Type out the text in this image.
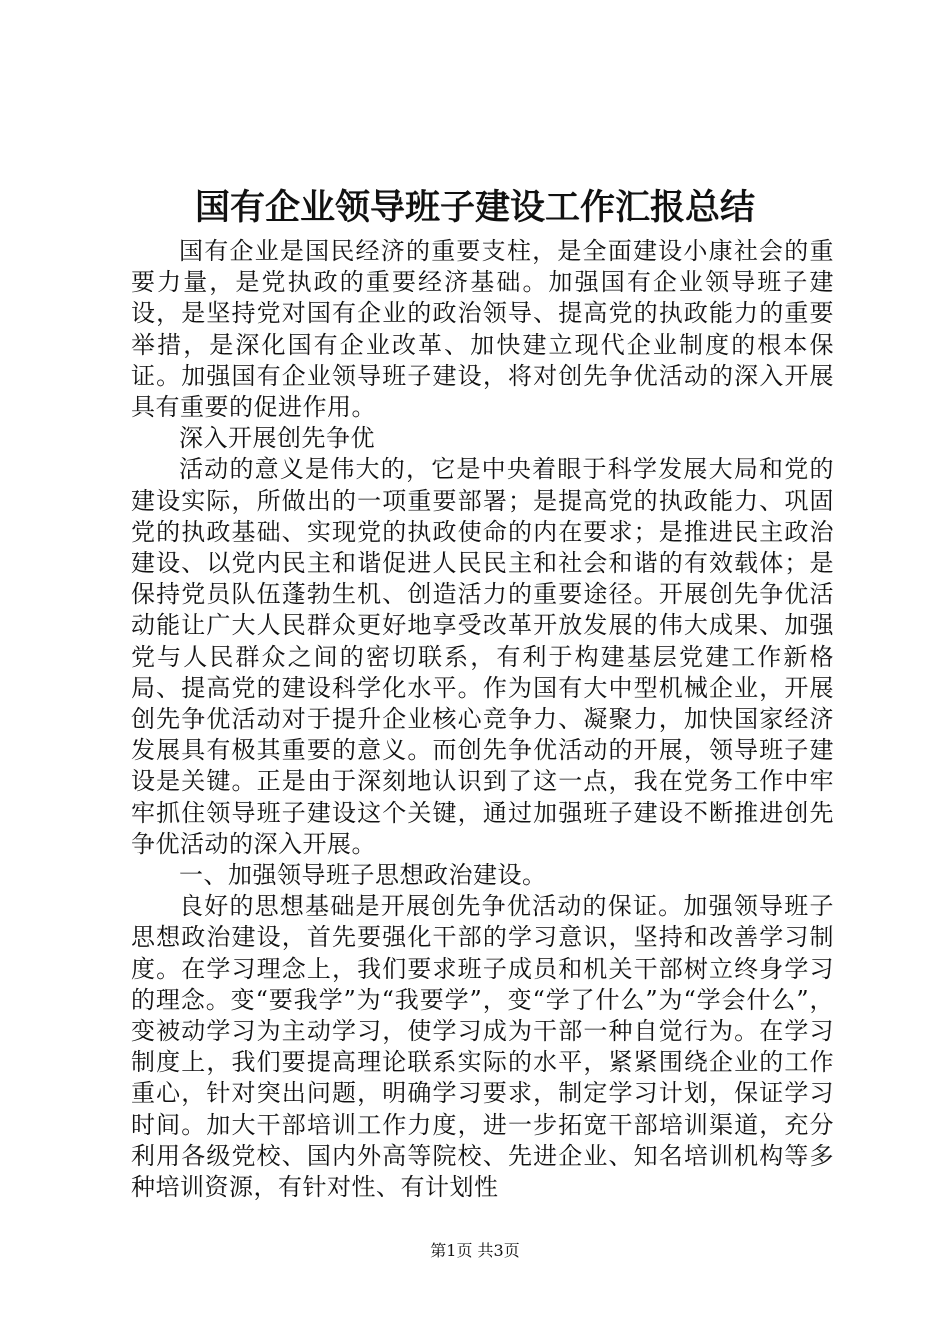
国有企业领导班子建设工作汇报总结

国有企业是国民经济的重要支柱，是全面建设小康社会的重要力量，是党执政的重要经济基础。加强国有企业领导班子建设，是坚持党对国有企业的政治领导、提高党的执政能力的重要举措，是深化国有企业改革、加快建立现代企业制度的根本保证。加强国有企业领导班子建设，将对创先争优活动的深入开展具有重要的促进作用。

深入开展创先争优

活动的意义是伟大的，它是中央着眼于科学发展大局和党的建设实际，所做出的一项重要部署；是提高党的执政能力、巩固党的执政基础、实现党的执政使命的内在要求；是推进民主政治建设、以党内民主和谐促进人民民主和社会和谐的有效载体；是保持党员队伍蓬勃生机、创造活力的重要途径。开展创先争优活动能让广大人民群众更好地享受改革开放发展的伟大成果、加强党与人民群众之间的密切联系，有利于构建基层党建工作新格局、提高党的建设科学化水平。作为国有大中型机械企业，开展创先争优活动对于提升企业核心竞争力、凝聚力，加快国家经济发展具有极其重要的意义。而创先争优活动的开展，领导班子建设是关键。正是由于深刻地认识到了这一点，我在党务工作中牢牢抓住领导班子建设这个关键，通过加强班子建设不断推进创先争优活动的深入开展。

一、加强领导班子思想政治建设。

良好的思想基础是开展创先争优活动的保证。加强领导班子思想政治建设，首先要强化干部的学习意识，坚持和改善学习制度。在学习理念上，我们要求班子成员和机关干部树立终身学习的理念。变“要我学”为“我要学”，变“学了什么”为“学会什么”，变被动学习为主动学习，使学习成为干部一种自觉行为。在学习制度上，我们要提高理论联系实际的水平，紧紧围绕企业的工作重心，针对突出问题，明确学习要求，制定学习计划，保证学习时间。加大干部培训工作力度，进一步拓宽干部培训渠道，充分利用各级党校、国内外高等院校、先进企业、知名培训机构等多种培训资源，有针对性、有计划性

第1页 共3页
